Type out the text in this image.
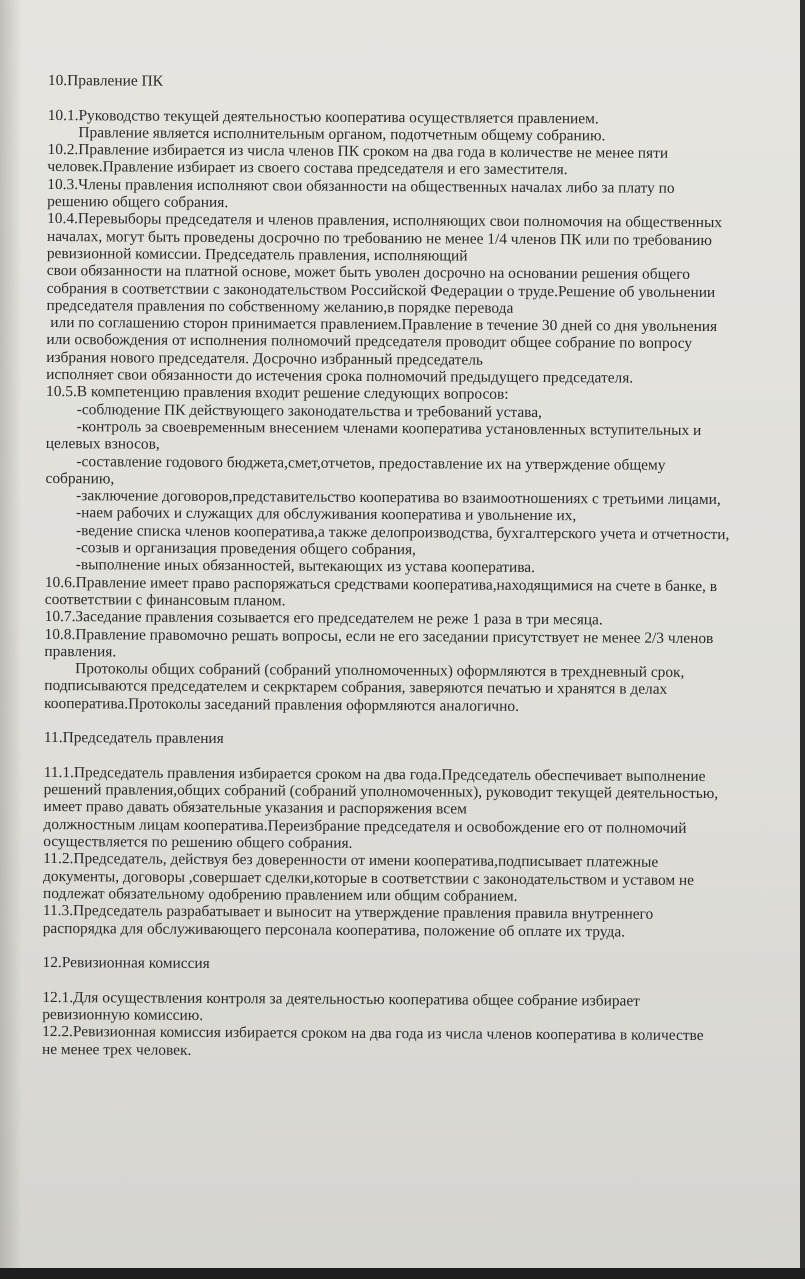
10.Правление ПК
10.1.Руководство текущей деятельностью кооператива осуществляется правлением.
Правление является исполнительным органом, подотчетным общему собранию.
10.2.Правление избирается из числа членов ПК сроком на два года в количестве не менее пяти
человек.Правление избирает из своего состава председателя и его заместителя.
10.3.Члены правления исполняют свои обязанности на общественных началах либо за плату по
решению общего собрания.
10.4.Перевыборы председателя и членов правления, исполняющих свои полномочия на общественных
началах, могут быть проведены досрочно по требованию не менее 1/4 членов ПК или по требованию
ревизионной комиссии. Председатель правления, исполняющий
свои обязанности на платной основе, может быть уволен досрочно на основании решения общего
собрания в соответствии с законодательством Российской Федерации о труде.Решение об увольнении
председателя правления по собственному желанию,в порядке перевода
или по соглашению сторон принимается правлением.Правление в течение 30 дней со дня увольнения
или освобождения от исполнения полномочий председателя проводит общее собрание по вопросу
избрания нового председателя. Досрочно избранный председатель
исполняет свои обязанности до истечения срока полномочий предыдущего председателя.
10.5.В компетенцию правления входит решение следующих вопросов:
-соблюдение ПК действующего законодательства и требований устава,
-контроль за своевременным внесением членами кооператива установленных вступительных и
целевых взносов,
-составление годового бюджета,смет,отчетов, предоставление их на утверждение общему
собранию,
-заключение договоров,представительство кооператива во взаимоотношениях с третьими лицами,
-наем рабочих и служащих для обслуживания кооператива и увольнение их,
-ведение списка членов кооператива,а также делопроизводства, бухгалтерского учета и отчетности,
-созыв и организация проведения общего собрания,
-выполнение иных обязанностей, вытекающих из устава кооператива.
10.6.Правление имеет право распоряжаться средствами кооператива,находящимися на счете в банке, в
соответствии с финансовым планом.
10.7.Заседание правления созывается его председателем не реже 1 раза в три месяца.
10.8.Правление правомочно решать вопросы, если не его заседании присутствует не менее 2/3 членов
правления.
Протоколы общих собраний (собраний уполномоченных) оформляются в трехдневный срок,
подписываются председателем и секрктарем собрания, заверяются печатью и хранятся в делах
кооператива.Протоколы заседаний правления оформляются аналогично.
11.Председатель правления
11.1.Председатель правления избирается сроком на два года.Председатель обеспечивает выполнение
решений правления,общих собраний (собраний уполномоченных), руководит текущей деятельностью,
имеет право давать обязательные указания и распоряжения всем
должностным лицам кооператива.Переизбрание председателя и освобождение его от полномочий
осуществляется по решению общего собрания.
11.2.Председатель, действуя без доверенности от имени кооператива,подписывает платежные
документы, договоры ,совершает сделки,которые в соответствии с законодательством и уставом не
подлежат обязательному одобрению правлением или общим собранием.
11.3.Председатель разрабатывает и выносит на утверждение правления правила внутреннего
распорядка для обслуживающего персонала кооператива, положение об оплате их труда.
12.Ревизионная комиссия
12.1.Для осуществления контроля за деятельностью кооператива общее собрание избирает
ревизионную комиссию.
12.2.Ревизионная комиссия избирается сроком на два года из числа членов кооператива в количестве
не менее трех человек.
